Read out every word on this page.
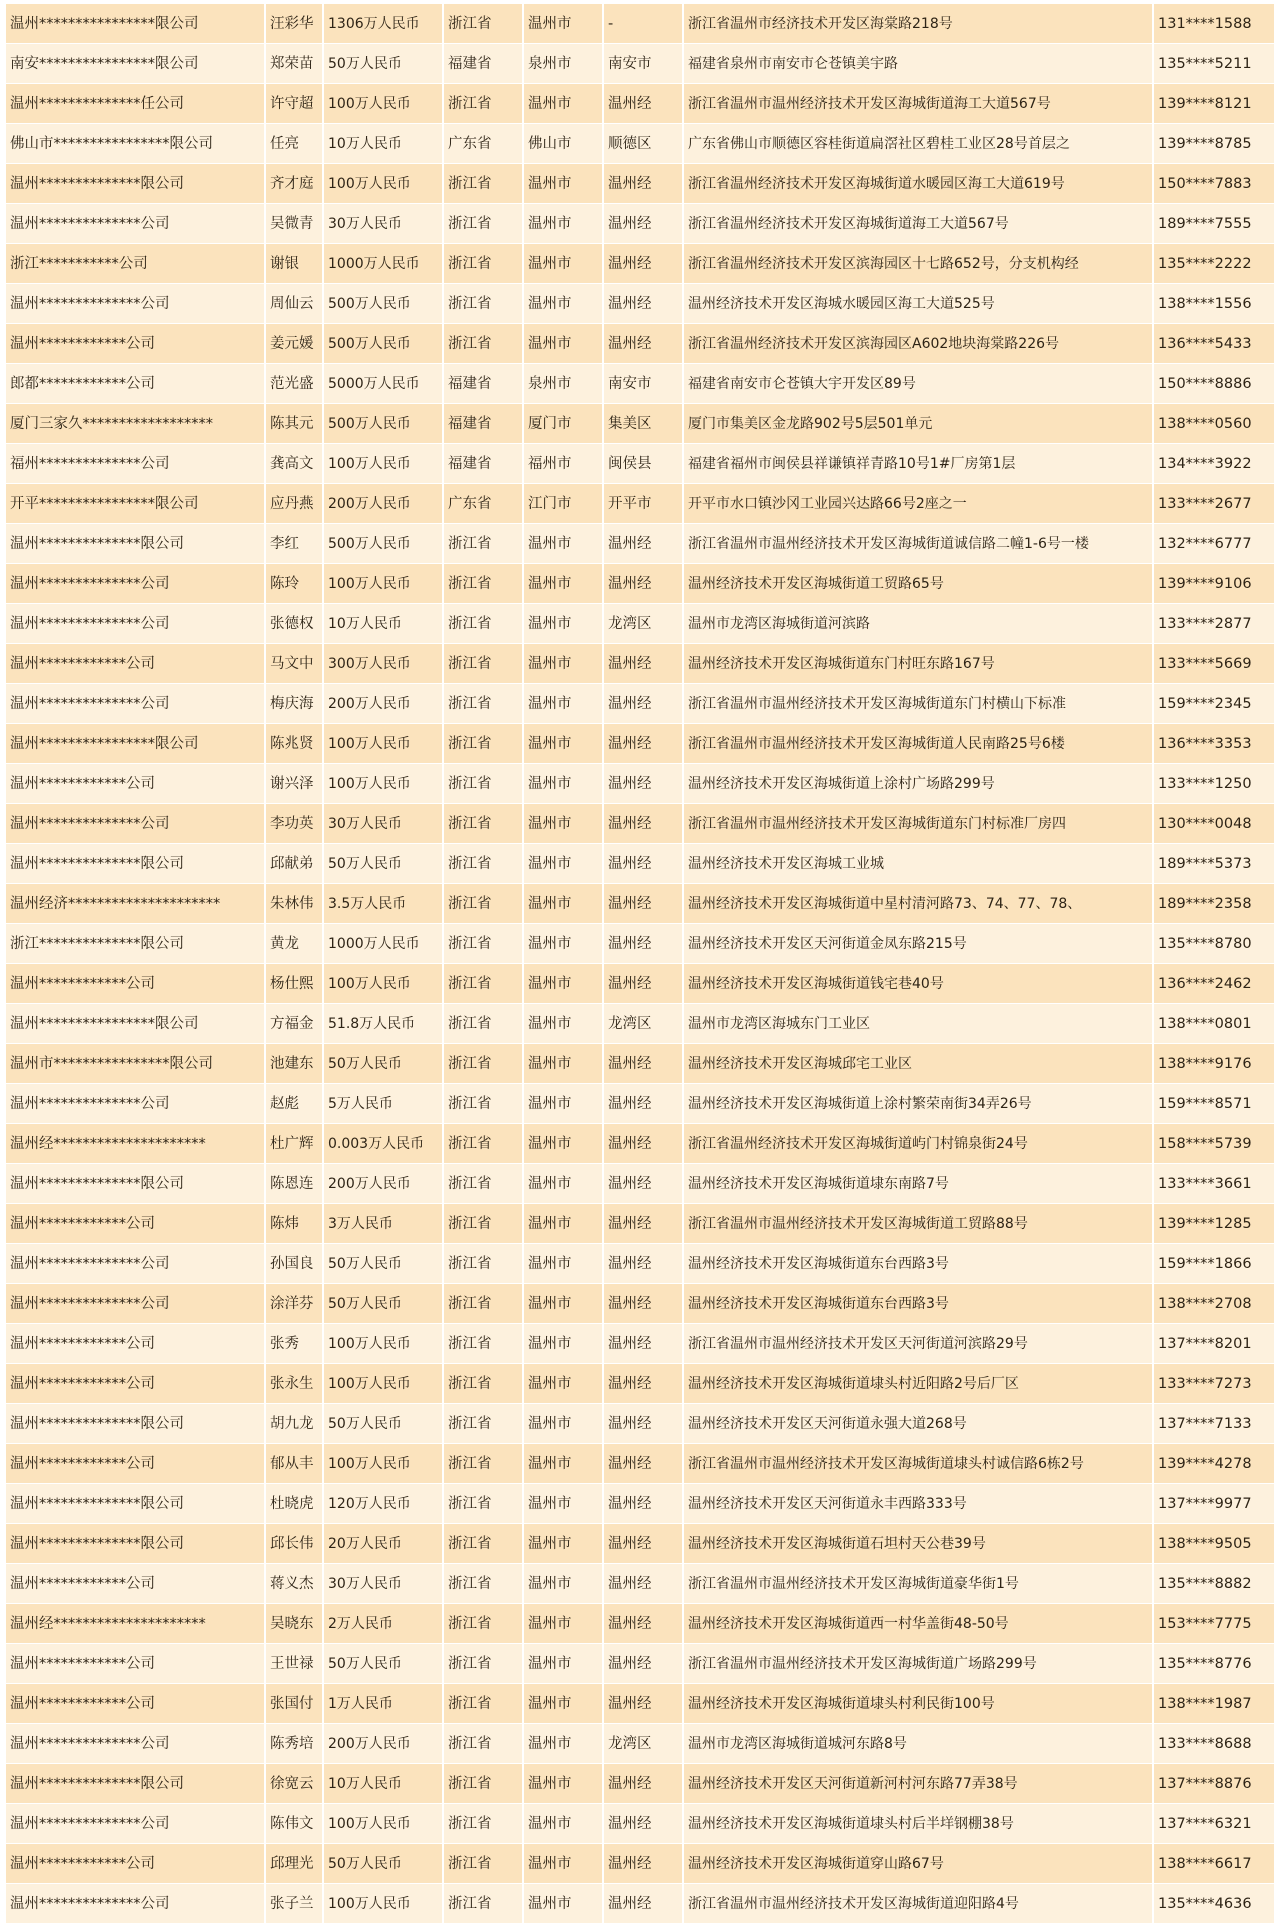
温州****************限公司	汪彩华	1306万人民币	浙江省	温州市	-	浙江省温州市经济技术开发区海棠路218号	131****1588
南安****************限公司	郑荣苗	50万人民币	福建省	泉州市	南安市	福建省泉州市南安市仑苍镇美宇路	135****5211
温州**************任公司	许守超	100万人民币	浙江省	温州市	温州经	浙江省温州市温州经济技术开发区海城街道海工大道567号	139****8121
佛山市****************限公司	任亮	10万人民币	广东省	佛山市	顺德区	广东省佛山市顺德区容桂街道扁滘社区碧桂工业区28号首层之	139****8785
温州**************限公司	齐才庭	100万人民币	浙江省	温州市	温州经	浙江省温州经济技术开发区海城街道水暖园区海工大道619号	150****7883
温州**************公司	吴微青	30万人民币	浙江省	温州市	温州经	浙江省温州经济技术开发区海城街道海工大道567号	189****7555
浙江***********公司	谢银	1000万人民币	浙江省	温州市	温州经	浙江省温州经济技术开发区滨海园区十七路652号，分支机构经	135****2222
温州**************公司	周仙云	500万人民币	浙江省	温州市	温州经	温州经济技术开发区海城水暖园区海工大道525号	138****1556
温州************公司	姜元媛	500万人民币	浙江省	温州市	温州经	浙江省温州经济技术开发区滨海园区A602地块海棠路226号	136****5433
郎都************公司	范光盛	5000万人民币	福建省	泉州市	南安市	福建省南安市仑苍镇大宇开发区89号	150****8886
厦门三家久******************	陈其元	500万人民币	福建省	厦门市	集美区	厦门市集美区金龙路902号5层501单元	138****0560
福州**************公司	龚高文	100万人民币	福建省	福州市	闽侯县	福建省福州市闽侯县祥谦镇祥青路10号1#厂房第1层	134****3922
开平****************限公司	应丹燕	200万人民币	广东省	江门市	开平市	开平市水口镇沙冈工业园兴达路66号2座之一	133****2677
温州**************限公司	李红	500万人民币	浙江省	温州市	温州经	浙江省温州市温州经济技术开发区海城街道诚信路二幢1-6号一楼	132****6777
温州**************公司	陈玲	100万人民币	浙江省	温州市	温州经	温州经济技术开发区海城街道工贸路65号	139****9106
温州**************公司	张德权	10万人民币	浙江省	温州市	龙湾区	温州市龙湾区海城街道河滨路	133****2877
温州************公司	马文中	300万人民币	浙江省	温州市	温州经	温州经济技术开发区海城街道东门村旺东路167号	133****5669
温州**************公司	梅庆海	200万人民币	浙江省	温州市	温州经	浙江省温州市温州经济技术开发区海城街道东门村横山下标准	159****2345
温州****************限公司	陈兆贤	100万人民币	浙江省	温州市	温州经	浙江省温州市温州经济技术开发区海城街道人民南路25号6楼	136****3353
温州************公司	谢兴泽	100万人民币	浙江省	温州市	温州经	温州经济技术开发区海城街道上涂村广场路299号	133****1250
温州**************公司	李功英	30万人民币	浙江省	温州市	温州经	浙江省温州市温州经济技术开发区海城街道东门村标准厂房四	130****0048
温州**************限公司	邱献弟	50万人民币	浙江省	温州市	温州经	温州经济技术开发区海城工业城	189****5373
温州经济*********************	朱林伟	3.5万人民币	浙江省	温州市	温州经	温州经济技术开发区海城街道中星村清河路73、74、77、78、	189****2358
浙江**************限公司	黄龙	1000万人民币	浙江省	温州市	温州经	温州经济技术开发区天河街道金凤东路215号	135****8780
温州************公司	杨仕熙	100万人民币	浙江省	温州市	温州经	温州经济技术开发区海城街道钱宅巷40号	136****2462
温州****************限公司	方福金	51.8万人民币	浙江省	温州市	龙湾区	温州市龙湾区海城东门工业区	138****0801
温州市****************限公司	池建东	50万人民币	浙江省	温州市	温州经	温州经济技术开发区海城邱宅工业区	138****9176
温州**************公司	赵彪	5万人民币	浙江省	温州市	温州经	温州经济技术开发区海城街道上涂村繁荣南街34弄26号	159****8571
温州经*********************	杜广辉	0.003万人民币	浙江省	温州市	温州经	浙江省温州经济技术开发区海城街道屿门村锦泉街24号	158****5739
温州**************限公司	陈恩连	200万人民币	浙江省	温州市	温州经	温州经济技术开发区海城街道埭东南路7号	133****3661
温州************公司	陈炜	3万人民币	浙江省	温州市	温州经	浙江省温州市温州经济技术开发区海城街道工贸路88号	139****1285
温州**************公司	孙国良	50万人民币	浙江省	温州市	温州经	温州经济技术开发区海城街道东台西路3号	159****1866
温州**************公司	涂洋芬	50万人民币	浙江省	温州市	温州经	温州经济技术开发区海城街道东台西路3号	138****2708
温州************公司	张秀	100万人民币	浙江省	温州市	温州经	浙江省温州市温州经济技术开发区天河街道河滨路29号	137****8201
温州************公司	张永生	100万人民币	浙江省	温州市	温州经	温州经济技术开发区海城街道埭头村近阳路2号后厂区	133****7273
温州**************限公司	胡九龙	50万人民币	浙江省	温州市	温州经	温州经济技术开发区天河街道永强大道268号	137****7133
温州************公司	郁从丰	100万人民币	浙江省	温州市	温州经	浙江省温州市温州经济技术开发区海城街道埭头村诚信路6栋2号	139****4278
温州**************限公司	杜晓虎	120万人民币	浙江省	温州市	温州经	温州经济技术开发区天河街道永丰西路333号	137****9977
温州**************限公司	邱长伟	20万人民币	浙江省	温州市	温州经	温州经济技术开发区海城街道石坦村天公巷39号	138****9505
温州************公司	蒋义杰	30万人民币	浙江省	温州市	温州经	浙江省温州市温州经济技术开发区海城街道豪华街1号	135****8882
温州经*********************	吴晓东	2万人民币	浙江省	温州市	温州经	温州经济技术开发区海城街道西一村华盖街48-50号	153****7775
温州************公司	王世禄	50万人民币	浙江省	温州市	温州经	浙江省温州市温州经济技术开发区海城街道广场路299号	135****8776
温州************公司	张国付	1万人民币	浙江省	温州市	温州经	温州经济技术开发区海城街道埭头村利民街100号	138****1987
温州**************公司	陈秀培	200万人民币	浙江省	温州市	龙湾区	温州市龙湾区海城街道城河东路8号	133****8688
温州**************限公司	徐宽云	10万人民币	浙江省	温州市	温州经	温州经济技术开发区天河街道新河村河东路77弄38号	137****8876
温州**************公司	陈伟文	100万人民币	浙江省	温州市	温州经	温州经济技术开发区海城街道埭头村后半垟钢棚38号	137****6321
温州************公司	邱理光	50万人民币	浙江省	温州市	温州经	温州经济技术开发区海城街道穿山路67号	138****6617
温州**************公司	张子兰	100万人民币	浙江省	温州市	温州经	浙江省温州市温州经济技术开发区海城街道迎阳路4号	135****4636
